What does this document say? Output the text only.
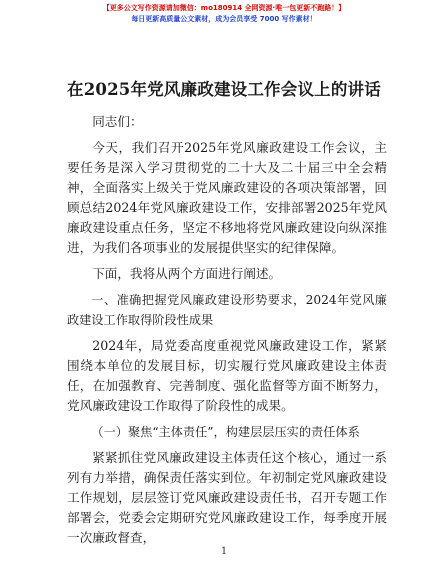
【更多公文写作资源请加微信：mo180914 全网资源·唯一包更新不跑路！】
每日更新高质量公文素材，成为会员享受 7000 写作素材！
在2025年党风廉政建设工作会议上的讲话

同志们：

今天，我们召开2025年党风廉政建设工作会议，主要任务是深入学习贯彻党的二十大及二十届三中全会精神，全面落实上级关于党风廉政建设的各项决策部署，回顾总结2024年党风廉政建设工作，安排部署2025年党风廉政建设重点任务，坚定不移地将党风廉政建设向纵深推进，为我们各项事业的发展提供坚实的纪律保障。

下面，我将从两个方面进行阐述。

一、准确把握党风廉政建设形势要求，2024年党风廉政建设工作取得阶段性成果

2024年，局党委高度重视党风廉政建设工作，紧紧围绕本单位的发展目标，切实履行党风廉政建设主体责任，在加强教育、完善制度、强化监督等方面不断努力，党风廉政建设工作取得了阶段性的成果。

（一）聚焦“主体责任”，构建层层压实的责任体系

紧紧抓住党风廉政建设主体责任这个核心，通过一系列有力举措，确保责任落实到位。年初制定党风廉政建设工作规划，层层签订党风廉政建设责任书，召开专题工作部署会，党委会定期研究党风廉政建设工作，每季度开展一次廉政督查，

1
